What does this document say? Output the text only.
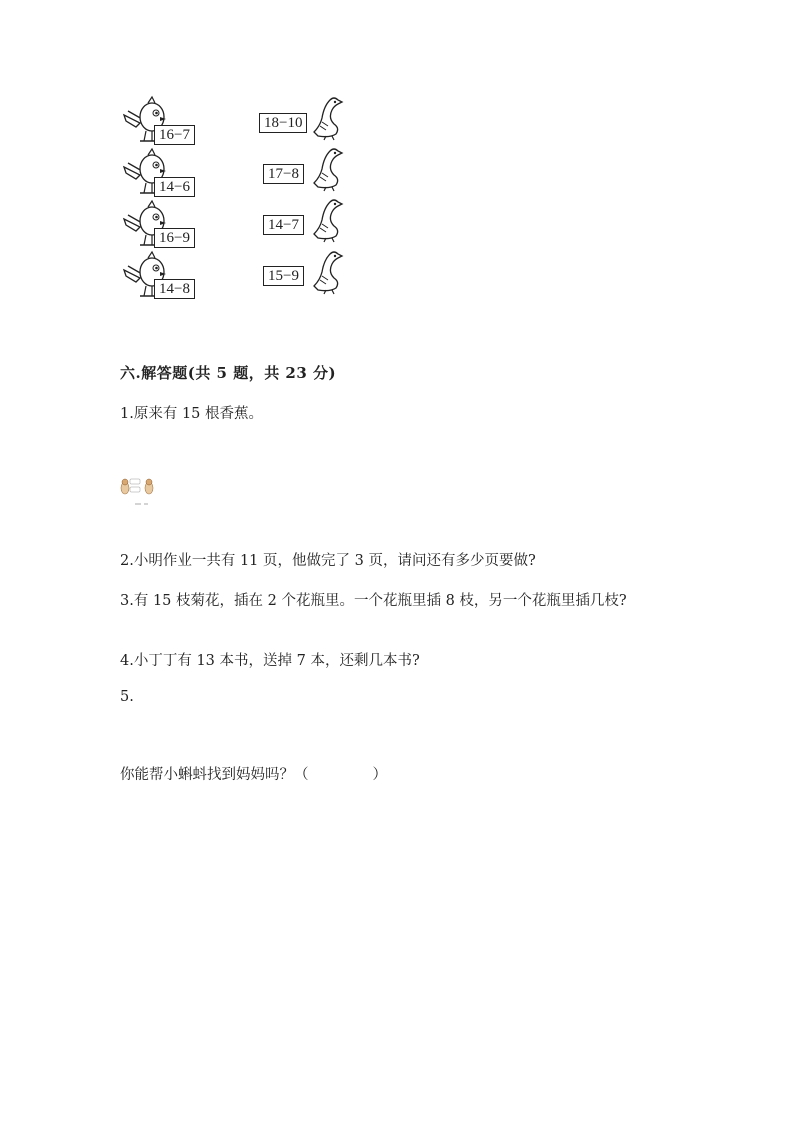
16−7
14−6
16−9
14−8
18−10
17−8
14−7
15−9
六.解答题(共 5 题，共 23 分)
1.原来有 15 根香蕉。
2.小明作业一共有 11 页，他做完了 3 页，请问还有多少页要做?
3.有 15 枝菊花，插在 2 个花瓶里。一个花瓶里插 8 枝，另一个花瓶里插几枝?
4.小丁丁有 13 本书，送掉 7 本，还剩几本书?
5.
你能帮小蝌蚪找到妈妈吗？（	）
